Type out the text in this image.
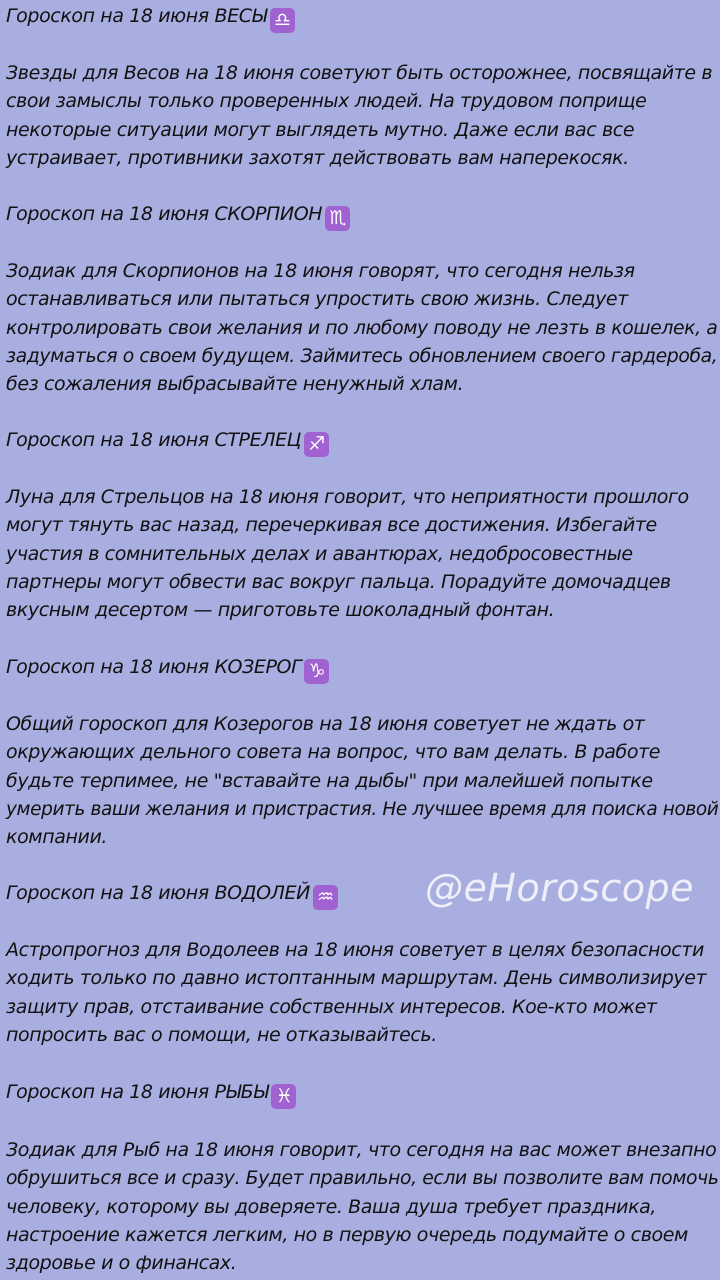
Гороскоп на 18 июня ВЕСЫ ♎
Звезды для Весов на 18 июня советуют быть осторожнее, посвящайте в
свои замыслы только проверенных людей. На трудовом поприще
некоторые ситуации могут выглядеть мутно. Даже если вас все
устраивает, противники захотят действовать вам наперекосяк.
Гороскоп на 18 июня СКОРПИОН ♏
Зодиак для Скорпионов на 18 июня говорят, что сегодня нельзя
останавливаться или пытаться упростить свою жизнь. Следует
контролировать свои желания и по любому поводу не лезть в кошелек, а
задуматься о своем будущем. Займитесь обновлением своего гардероба,
без сожаления выбрасывайте ненужный хлам.
Гороскоп на 18 июня СТРЕЛЕЦ ♐
Луна для Стрельцов на 18 июня говорит, что неприятности прошлого
могут тянуть вас назад, перечеркивая все достижения. Избегайте
участия в сомнительных делах и авантюрах, недобросовестные
партнеры могут обвести вас вокруг пальца. Порадуйте домочадцев
вкусным десертом — приготовьте шоколадный фонтан.
Гороскоп на 18 июня КОЗЕРОГ ♑
Общий гороскоп для Козерогов на 18 июня советует не ждать от
окружающих дельного совета на вопрос, что вам делать. В работе
будьте терпимее, не "вставайте на дыбы" при малейшей попытке
умерить ваши желания и пристрастия. Не лучшее время для поиска новой
компании.
Гороскоп на 18 июня ВОДОЛЕЙ ♒
Астропрогноз для Водолеев на 18 июня советует в целях безопасности
ходить только по давно истоптанным маршрутам. День символизирует
защиту прав, отстаивание собственных интересов. Кое-кто может
попросить вас о помощи, не отказывайтесь.
Гороскоп на 18 июня РЫБЫ ♓
Зодиак для Рыб на 18 июня говорит, что сегодня на вас может внезапно
обрушиться все и сразу. Будет правильно, если вы позволите вам помочь
человеку, которому вы доверяете. Ваша душа требует праздника,
настроение кажется легким, но в первую очередь подумайте о своем
здоровье и о финансах.
@eHoroscope
